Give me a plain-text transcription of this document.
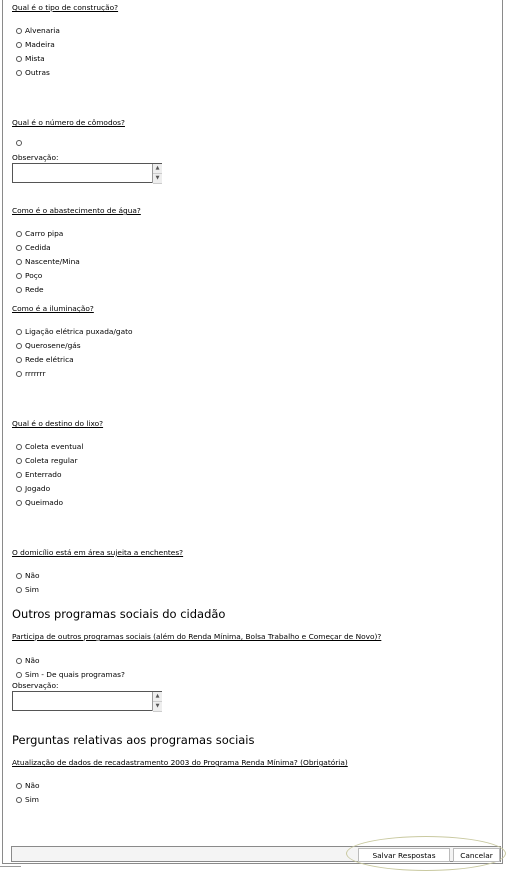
Qual é o tipo de construção?
Alvenaria
Madeira
Mista
Outras
Qual é o número de cômodos?
Observação:
▲
▼
Como é o abastecimento de água?
Carro pipa
Cedida
Nascente/Mina
Poço
Rede
Como é a iluminação?
Ligação elétrica puxada/gato
Querosene/gás
Rede elétrica
rrrrrrr
Qual é o destino do lixo?
Coleta eventual
Coleta regular
Enterrado
Jogado
Queimado
O domicílio está em área sujeita a enchentes?
Não
Sim
Outros programas sociais do cidadão
Participa de outros programas sociais (além do Renda Mínima, Bolsa Trabalho e Começar de Novo)?
Não
Sim - De quais programas?
Observação:
▲
▼
Perguntas relativas aos programas sociais
Atualização de dados de recadastramento 2003 do Programa Renda Mínima? (Obrigatória)
Não
Sim
Salvar Respostas	Cancelar
